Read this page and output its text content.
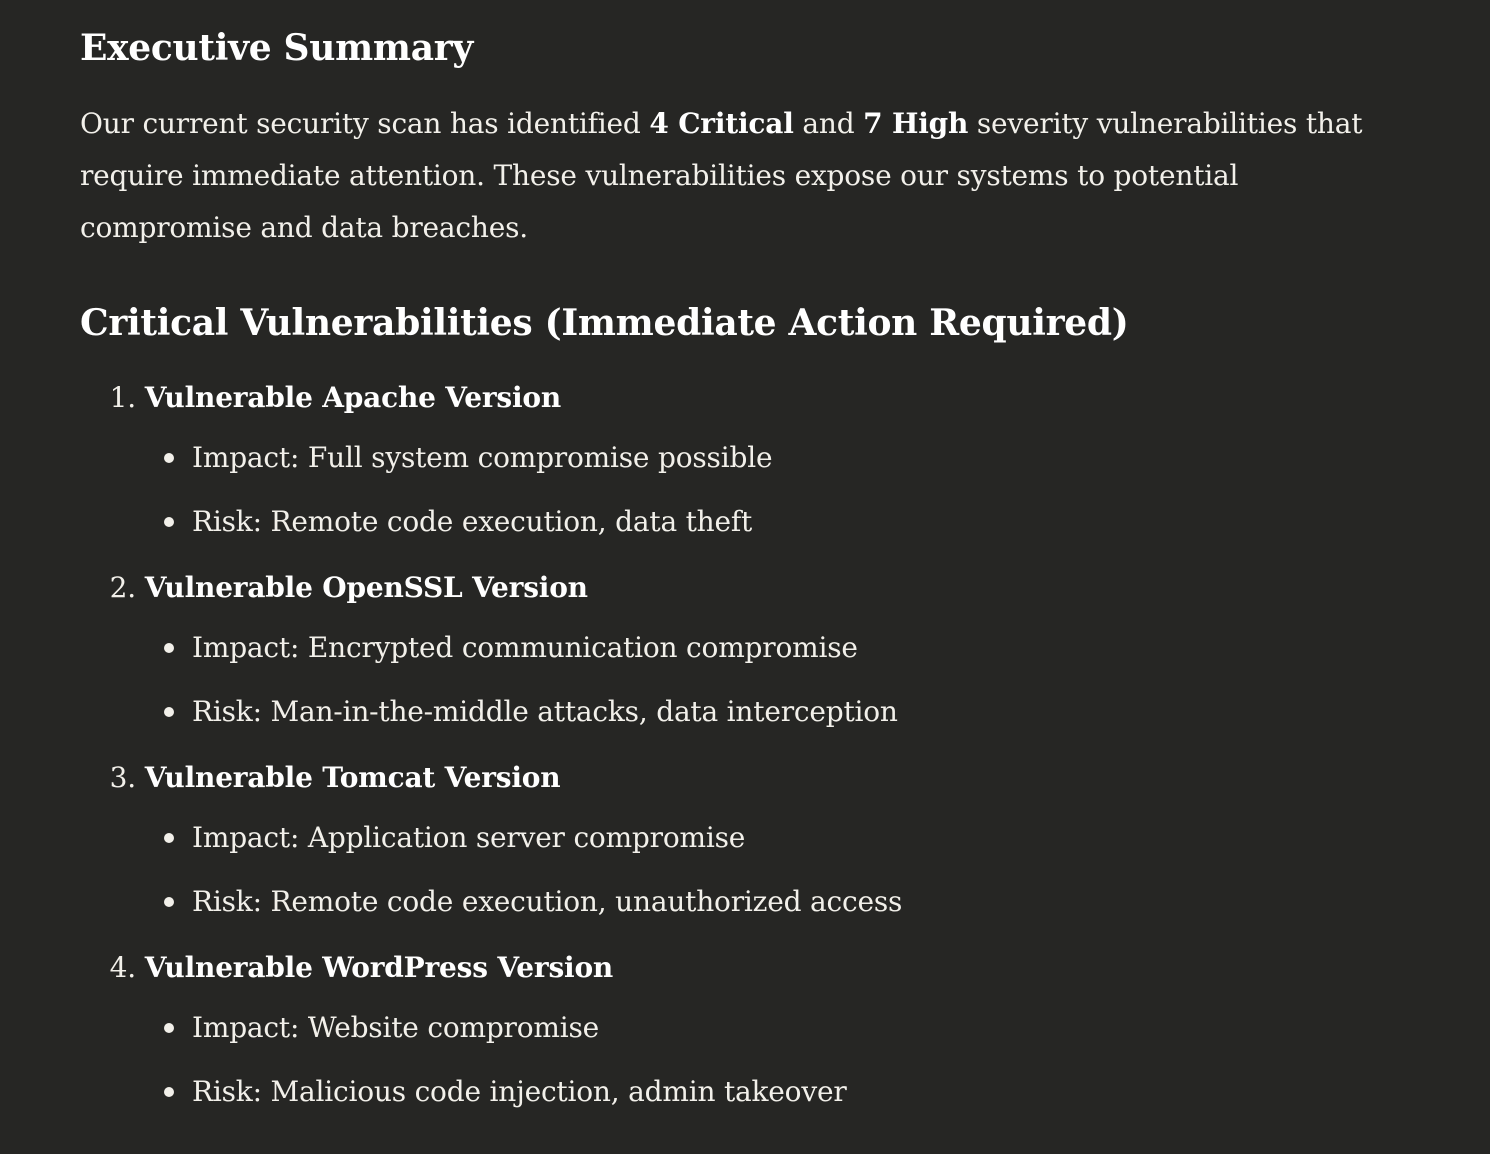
Executive Summary

Our current security scan has identified 4 Critical and 7 High severity vulnerabilities that require immediate attention. These vulnerabilities expose our systems to potential compromise and data breaches.

Critical Vulnerabilities (Immediate Action Required)
1.
Vulnerable Apache Version
Impact: Full system compromise possible
Risk: Remote code execution, data theft
2.
Vulnerable OpenSSL Version
Impact: Encrypted communication compromise
Risk: Man-in-the-middle attacks, data interception
3.
Vulnerable Tomcat Version
Impact: Application server compromise
Risk: Remote code execution, unauthorized access
4.
Vulnerable WordPress Version
Impact: Website compromise
Risk: Malicious code injection, admin takeover
